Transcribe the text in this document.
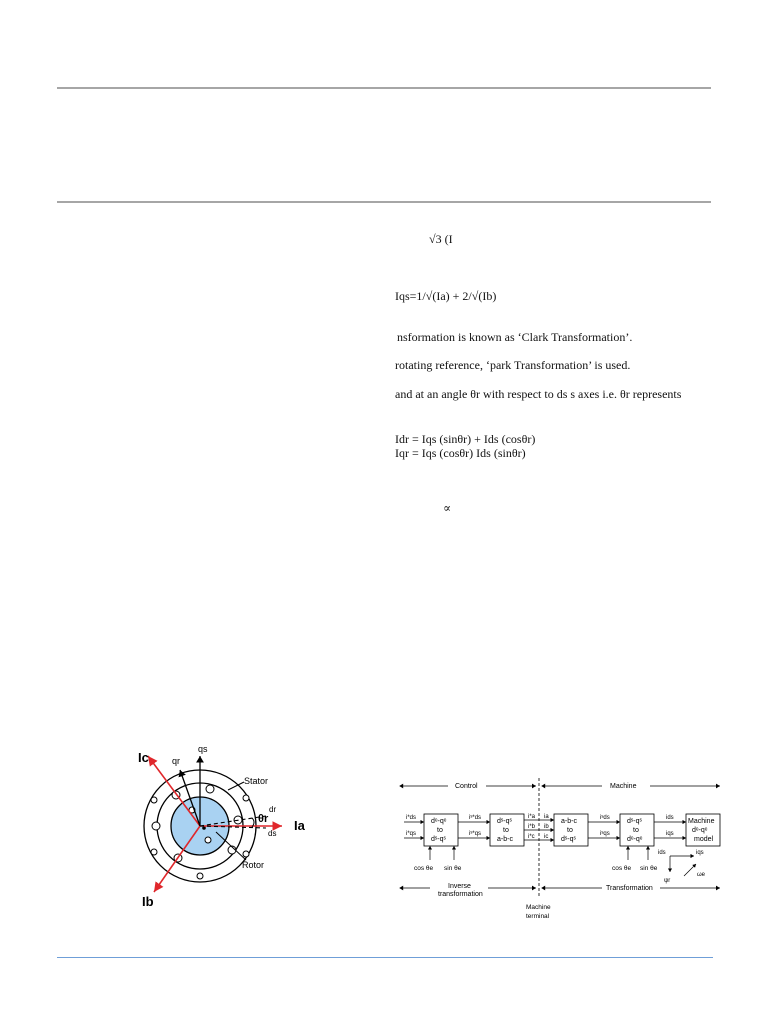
√3 (I
Iqs=1/√(Ia) + 2/√(Ib)
nsformation is known as ‘Clark Transformation’.
rotating reference, ‘park Transformation’ is used.
and at an angle θr with respect to ds s axes i.e. θr represents
Idr = Iqs (sinθr) + Ids (cosθr)
Iqr = Iqs (cosθr) Ids (sinθr)
∝
Ic
Ib
Ia
qr
qs
dr
ds
θr
Stator
Rotor
Control	Machine
dᵉ-qᵉ
to
dˢ-qˢ
dˢ-qˢ
to
a-b-c
a-b-c
to
dˢ-qˢ
dˢ-qˢ
to
dᵉ-qᵉ
Machine
dᵉ-qᵉ
model
i*ds
i*qs
iˢ*ds
iˢ*qs
i*a
i*b
i*c
ia
ib
ic
iˢds
iˢqs
ids
iqs
cos θe sin θe	cos θe sin θe
ids	iqs
ψr
ωe
Inverse
transformation
Transformation
Machine
terminal
